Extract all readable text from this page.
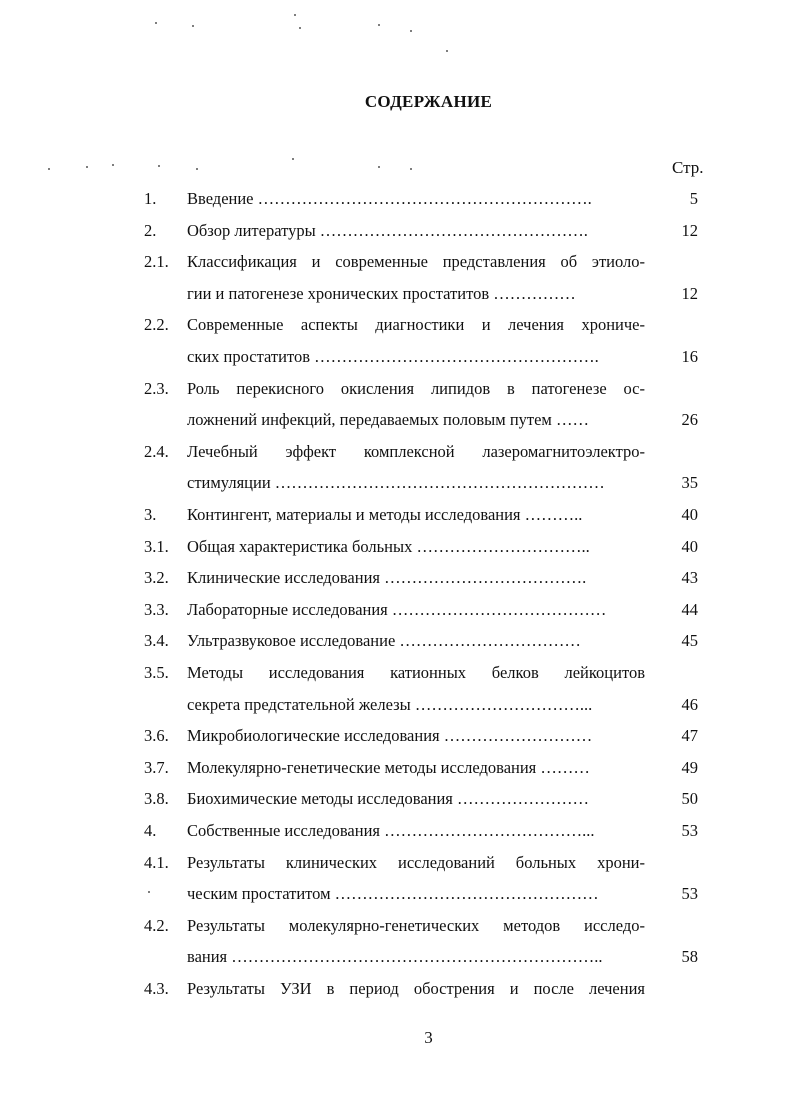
СОДЕРЖАНИЕ
Стр.
1. Введение …………………………………………………….	5
2. Обзор литературы ………………………………………….	12
2.1. Классификация и современные представления об этиоло-
гии и патогенезе хронических простатитов ……………	12
2.2. Современные аспекты диагностики и лечения хрониче-
ских простатитов …………………………………………….	16
2.3. Роль перекисного окисления липидов в патогенезе ос-
ложнений инфекций, передаваемых половым путем ……	26
2.4. Лечебный эффект комплексной лазеромагнитоэлектро-
стимуляции ……………………………………………………	35
3. Контингент, материалы и методы исследования ………..	40
3.1. Общая характеристика больных …………………………..	40
3.2. Клинические исследования ……………………………….	43
3.3. Лабораторные исследования …………………………………	44
3.4. Ультразвуковое исследование ……………………………	45
3.5. Методы исследования катионных белков лейкоцитов
секрета предстательной железы …………………………...	46
3.6. Микробиологические исследования ………………………	47
3.7. Молекулярно-генетические методы исследования ………	49
3.8. Биохимические методы исследования ……………………	50
4. Собственные исследования ………………………………...	53
4.1. Результаты клинических исследований больных хрони-
ческим простатитом …………………………………………	53
4.2. Результаты молекулярно-генетических методов исследо-
вания …………………………………………………………..	58
4.3. Результаты УЗИ в период обострения и после лечения
3
